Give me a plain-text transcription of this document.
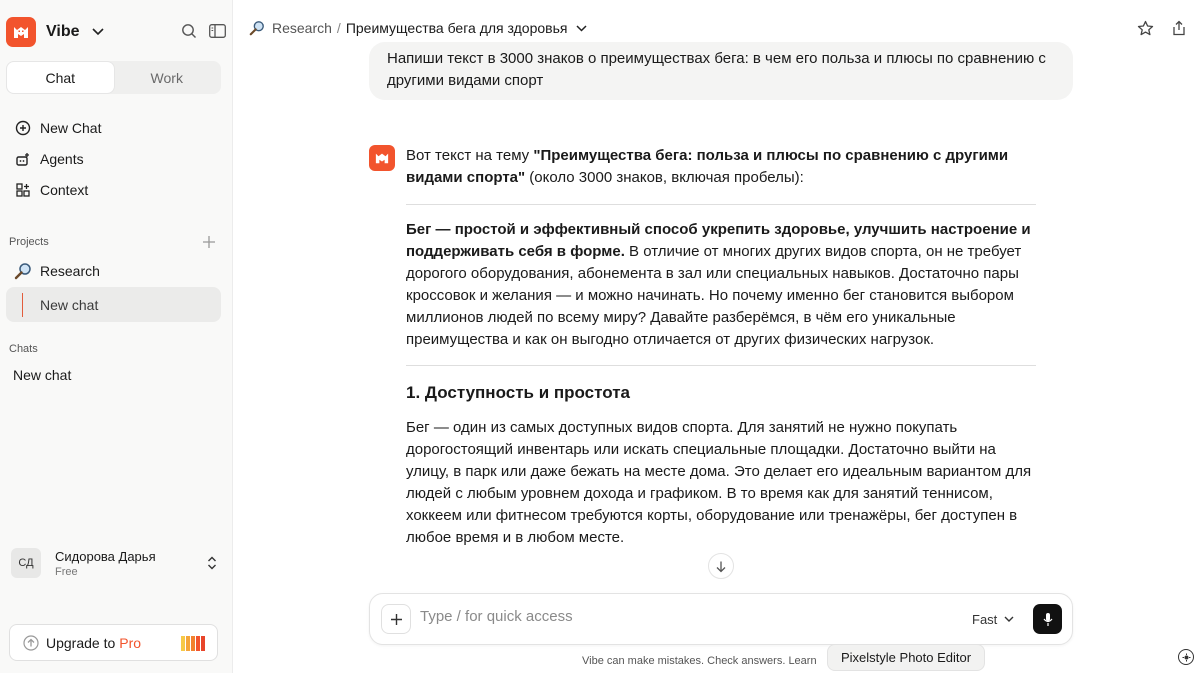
Vibe
Chat	Work
New Chat
Agents
Context
Projects
Research
New chat
Chats
New chat
СД	Сидорова Дарья
Free
Upgrade to Pro
Research / Преимущества бега для здоровья
Напиши текст в 3000 знаков о преимуществах бега: в чем его польза и плюсы по сравнению с другими видами спорт

Вот текст на тему "Преимущества бега: польза и плюсы по сравнению с другими видами спорта" (около 3000 знаков, включая пробелы):

Бег — простой и эффективный способ укрепить здоровье, улучшить настроение и поддерживать себя в форме. В отличие от многих других видов спорта, он не требует дорогого оборудования, абонемента в зал или специальных навыков. Достаточно пары кроссовок и желания — и можно начинать. Но почему именно бег становится выбором миллионов людей по всему миру? Давайте разберёмся, в чём его уникальные преимущества и как он выгодно отличается от других физических нагрузок.

1. Доступность и простота

Бег — один из самых доступных видов спорта. Для занятий не нужно покупать дорогостоящий инвентарь или искать специальные площадки. Достаточно выйти на улицу, в парк или даже бежать на месте дома. Это делает его идеальным вариантом для людей с любым уровнем дохода и графиком. В то время как для занятий теннисом, хоккеем или фитнесом требуются корты, оборудование или тренажёры, бег доступен в любое время и в любом месте.

Type / for quick access
Fast
Vibe can make mistakes. Check answers. Learn	Pixelstyle Photo Editor
